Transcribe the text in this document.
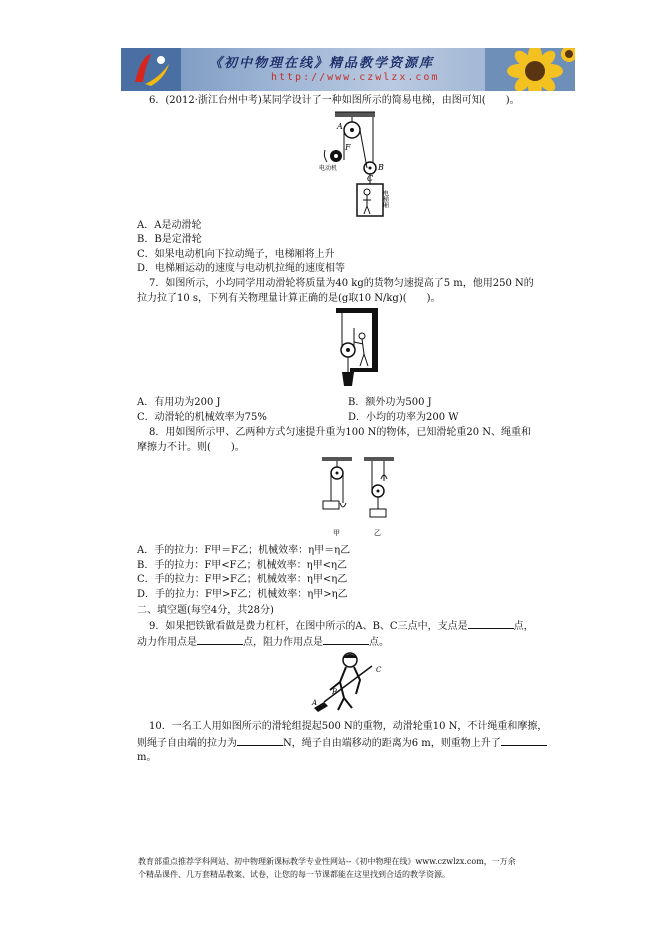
《初中物理在线》精品教学资源库
http://www.czwlzx.com
6．(2012·浙江台州中考)某同学设计了一种如图所示的简易电梯，由图可知(　　)。
A
F
B
C
电动机
电梯厢
A．A是动滑轮
B．B是定滑轮
C．如果电动机向下拉动绳子，电梯厢将上升
D．电梯厢运动的速度与电动机拉绳的速度相等
7．如图所示，小均同学用动滑轮将质量为40 kg的货物匀速提高了5 m，他用250 N的
拉力拉了10 s，下列有关物理量计算正确的是(g取10 N/kg)(　　)。
A．有用功为200 J	B．额外功为500 J
C．动滑轮的机械效率为75%	D．小均的功率为200 W
8．用如图所示甲、乙两种方式匀速提升重为100 N的物体，已知滑轮重20 N、绳重和
摩擦力不计。则(　　)。
甲	乙
A．手的拉力：F甲＝F乙；机械效率：η甲＝η乙
B．手的拉力：F甲<F乙；机械效率：η甲<η乙
C．手的拉力：F甲>F乙；机械效率：η甲<η乙
D．手的拉力：F甲>F乙；机械效率：η甲>η乙
二、填空题(每空4分，共28分)
9．如果把铁锨看做是费力杠杆，在图中所示的A、B、C三点中，支点是	点，
动力作用点是	点，阻力作用点是	点。
A
B
C
10．一名工人用如图所示的滑轮组提起500 N的重物，动滑轮重10 N，不计绳重和摩擦，
则绳子自由端的拉力为	N，绳子自由端移动的距离为6 m，则重物上升了
m。
教育部重点推荐学科网站、初中物理新课标教学专业性网站--《初中物理在线》www.czwlzx.com，一万余
个精品课件、几万套精品教案、试卷，让您的每一节课都能在这里找到合适的教学资源。
